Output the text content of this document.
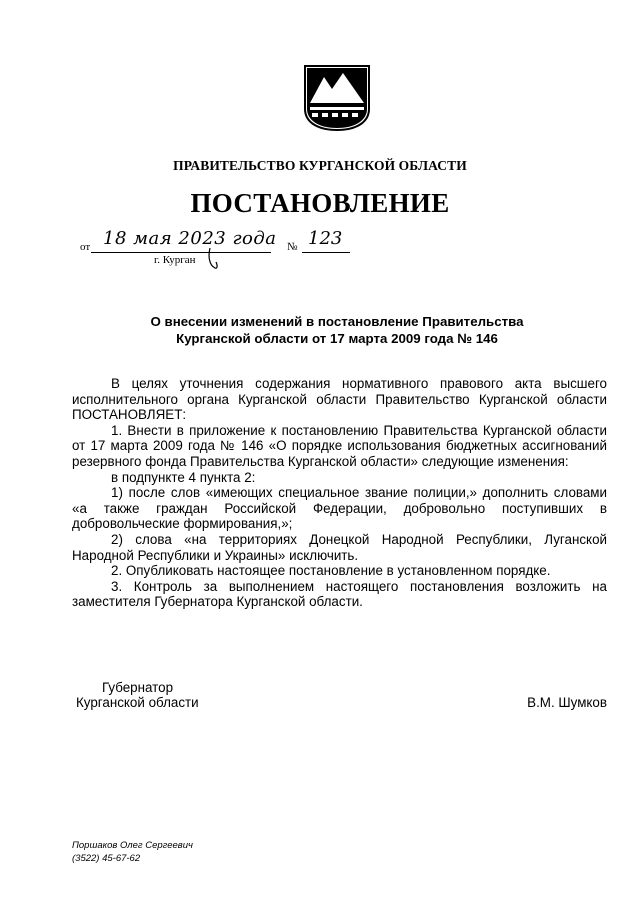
ПРАВИТЕЛЬСТВО КУРГАНСКОЙ ОБЛАСТИ
ПОСТАНОВЛЕНИЕ
от 18 мая 2023 года № 123
г. Курган
О внесении изменений в постановление Правительства
Курганской области от 17 марта 2009 года № 146

В целях уточнения содержания нормативного правового акта высшего исполнительного органа Курганской области Правительство Курганской области ПОСТАНОВЛЯЕТ:

1. Внести в приложение к постановлению Правительства Курганской области от 17 марта 2009 года № 146 «О порядке использования бюджетных ассигнований резервного фонда Правительства Курганской области» следующие изменения:

в подпункте 4 пункта 2:

1) после слов «имеющих специальное звание полиции,» дополнить словами «а также граждан Российской Федерации, добровольно поступивших в добровольческие формирования,»;

2) слова «на территориях Донецкой Народной Республики, Луганской Народной Республики и Украины» исключить.

2. Опубликовать настоящее постановление в установленном порядке.

3. Контроль за выполнением настоящего постановления возложить на заместителя Губернатора Курганской области.

Губернатор
Курганской области	В.М. Шумков
Поршаков Олег Сергеевич
(3522) 45-67-62
